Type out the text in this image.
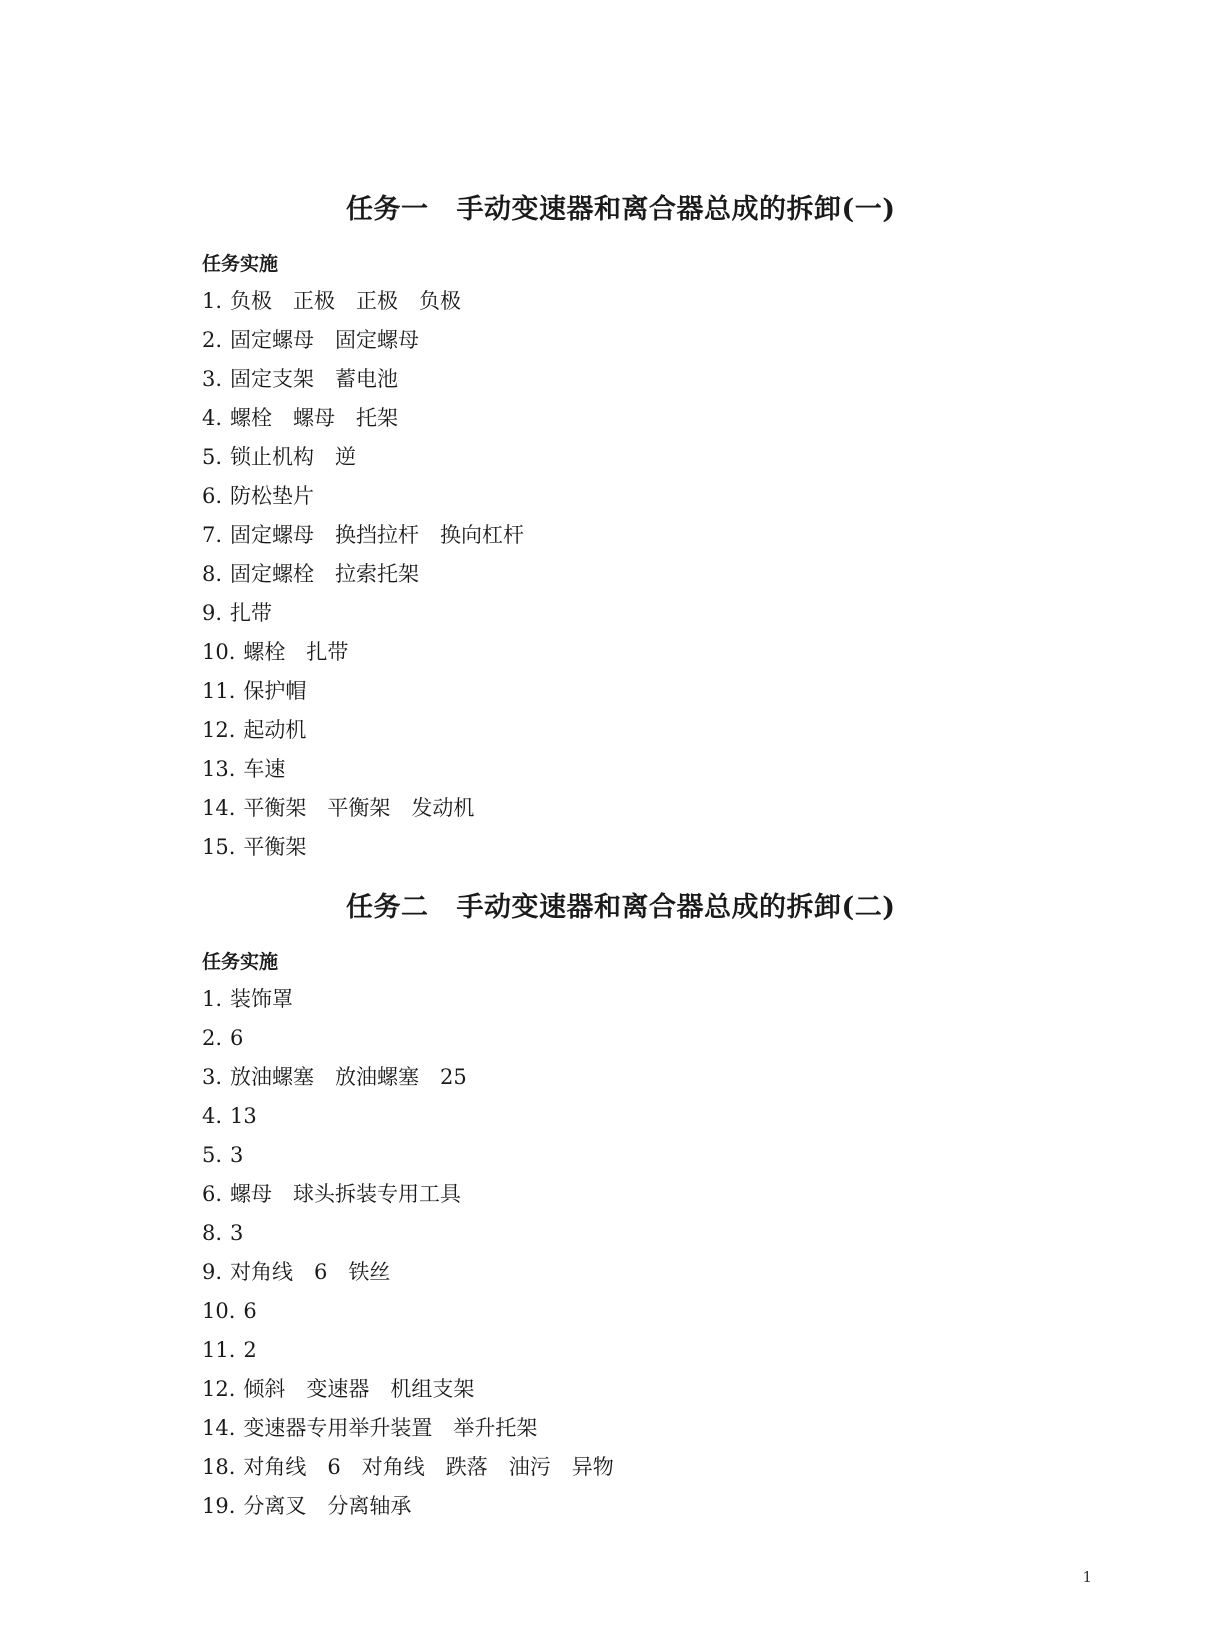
任务一 手动变速器和离合器总成的拆卸(一)
任务实施
1. 负极　正极　正极　负极
2. 固定螺母　固定螺母
3. 固定支架　蓄电池
4. 螺栓　螺母　托架
5. 锁止机构　逆
6. 防松垫片
7. 固定螺母　换挡拉杆　换向杠杆
8. 固定螺栓　拉索托架
9. 扎带
10. 螺栓　扎带
11. 保护帽
12. 起动机
13. 车速
14. 平衡架　平衡架　发动机
15. 平衡架
任务二 手动变速器和离合器总成的拆卸(二)
任务实施
1. 装饰罩
2. 6
3. 放油螺塞　放油螺塞　25
4. 13
5. 3
6. 螺母　球头拆装专用工具
8. 3
9. 对角线　6　铁丝
10. 6
11. 2
12. 倾斜　变速器　机组支架
14. 变速器专用举升装置　举升托架
18. 对角线　6　对角线　跌落　油污　异物
19. 分离叉　分离轴承
1
